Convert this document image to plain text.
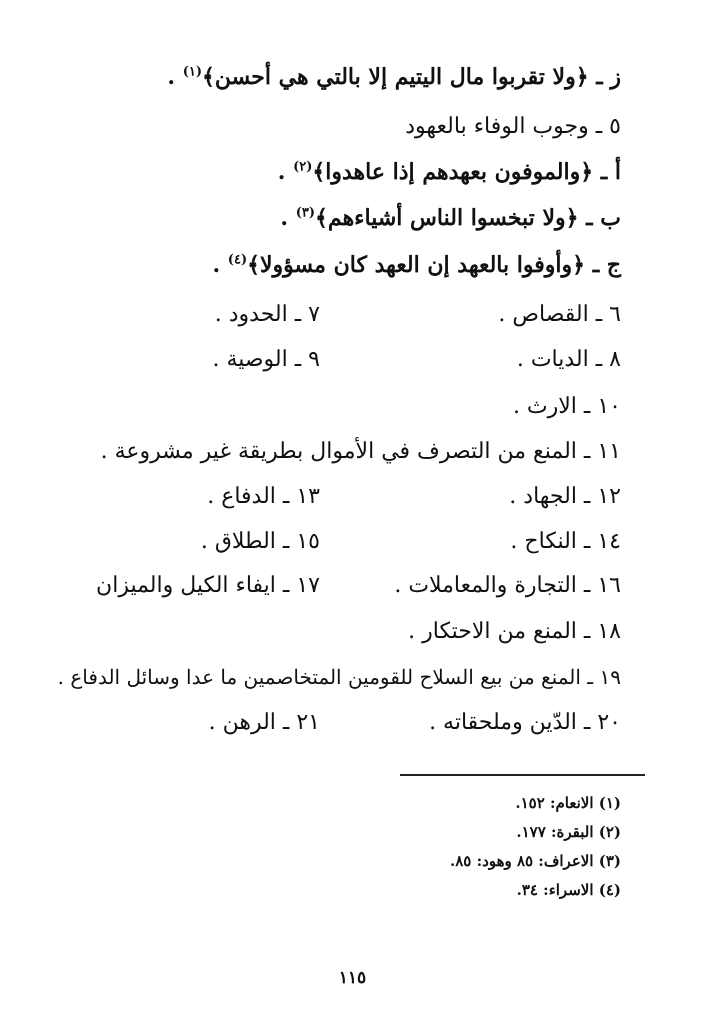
ز ـ ﴿ولا تقربوا مال اليتيم إلا بالتي هي أحسن﴾$^{(١)}$ .
٥ ـ وجوب الوفاء بالعهود
أ ـ ﴿والموفون بعهدهم إذا عاهدوا﴾$^{(٢)}$ .
ب ـ ﴿ولا تبخسوا الناس أشياءهم﴾$^{(٣)}$ .
ج ـ ﴿وأوفوا بالعهد إن العهد كان مسؤولا﴾$^{(٤)}$ .
٦ ـ القصاص .
٧ ـ الحدود .
٨ ـ الديات .
٩ ـ الوصية .
١٠ ـ الارث .
١١ ـ المنع من التصرف في الأموال بطريقة غير مشروعة .
١٢ ـ الجهاد .
١٣ ـ الدفاع .
١٤ ـ النكاح .
١٥ ـ الطلاق .
١٦ ـ التجارة والمعاملات .
١٧ ـ ايفاء الكيل والميزان
١٨ ـ المنع من الاحتكار .
١٩ ـ المنع من بيع السلاح للقومين المتخاصمين ما عدا وسائل الدفاع .
٢٠ ـ الدّين وملحقاته .
٢١ ـ الرهن .
(١) الانعام: ١٥٢.
(٢) البقرة: ١٧٧.
(٣) الاعراف: ٨٥ وهود: ٨٥.
(٤) الاسراء: ٣٤.
١١٥
